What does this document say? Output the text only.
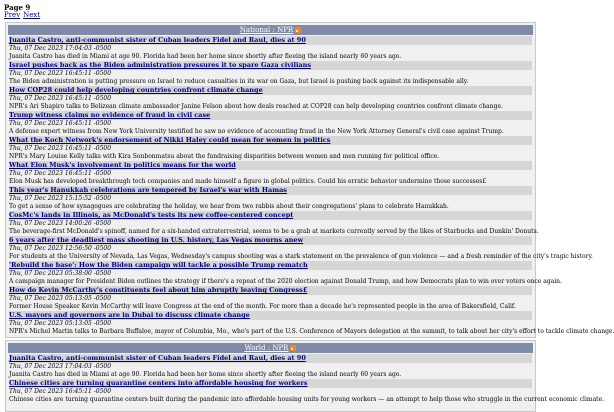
Page 9
Prev Next
National : NPR
Juanita Castro, anti-communist sister of Cuban leaders Fidel and Raul, dies at 90
Thu, 07 Dec 2023 17:04:03 -0500
Juanita Castro has died in Miami at age 90. Florida had been her home since shortly after fleeing the island nearly 60 years ago.
Israel pushes back as the Biden administration pressures it to spare Gaza civilians
Thu, 07 Dec 2023 16:45:11 -0500
The Biden administration is putting pressure on Israel to reduce casualties in its war on Gaza, but Israel is pushing back against its indispensable ally.
How COP28 could help developing countries confront climate change
Thu, 07 Dec 2023 16:45:11 -0500
NPR's Ari Shapiro talks to Belizean climate ambassador Janine Felson about how deals reached at COP28 can help developing countries confront climate change.
Trump witness claims no evidence of fraud in civil case
Thu, 07 Dec 2023 16:45:11 -0500
A defense expert witness from New York University testified he saw no evidence of accounting fraud in the New York Attorney General's civil case against Trump.
What the Koch Network's endorsement of Nikki Haley could mean for women in politics
Thu, 07 Dec 2023 16:45:11 -0500
NPR's Mary Louise Kelly talks with Kira Sonbonmatsu about the fundraising disparities between women and men running for political office.
What Elon Musk's involvement in politics means for the world
Thu, 07 Dec 2023 16:45:11 -0500
Elon Musk has developed breakthrough tech companies and made himself a figure in global politics. Could his erratic behavior undermine those successes£
This year's Hanukkah celebrations are tempered by Israel's war with Hamas
Thu, 07 Dec 2023 15:15:52 -0500
To get a sense of how synagogues are celebrating the holiday, we hear from two rabbis about their congregations' plans to celebrate Hanukkah.
CosMc's lands in Illinois, as McDonald's tests its new coffee-centered concept
Thu, 07 Dec 2023 14:00:26 -0500
The beverage-first McDonald's spinoff, named for a six-handed extraterrestrial, seems to be a grab at markets currently served by the likes of Starbucks and Dunkin' Donuts.
6 years after the deadliest mass shooting in U.S. history, Las Vegas mourns anew
Thu, 07 Dec 2023 12:56:50 -0500
For students at the University of Nevada, Las Vegas, Wednesday's campus shooting was a stark statement on the prevalence of gun violence — and a fresh reminder of the city's tragic history.
'Rebuild the base': How the Biden campaign will tackle a possible Trump rematch
Thu, 07 Dec 2023 05:38:00 -0500
A campaign manager for President Biden outlines the strategy if there's a repeat of the 2020 election against Donald Trump, and how Democrats plan to win over voters once again.
How do Kevin McCarthy's constituents feel about him abruptly leaving Congress£
Thu, 07 Dec 2023 05:13:05 -0500
Former House Speaker Kevin McCarthy will leave Congress at the end of the month. For more than a decade he's represented people in the area of Bakersfield, Calif.
U.S. mayors and governors are in Dubai to discuss climate change
Thu, 07 Dec 2023 05:13:05 -0500
NPR's Michel Martin talks to Barbara Buffaloe, mayor of Columbia, Mo., who's part of the U.S. Conference of Mayors delegation at the summit, to talk about her city's effort to tackle climate change.
World : NPR
Juanita Castro, anti-communist sister of Cuban leaders Fidel and Raul, dies at 90
Thu, 07 Dec 2023 17:04:03 -0500
Juanita Castro has died in Miami at age 90. Florida had been her home since shortly after fleeing the island nearly 60 years ago.
Chinese cities are turning quarantine centers into affordable housing for workers
Thu, 07 Dec 2023 16:45:11 -0500
Chinese cities are turning quarantine centers built during the pandemic into affordable housing units for young workers — an attempt to help those who struggle in the current economic climate.
